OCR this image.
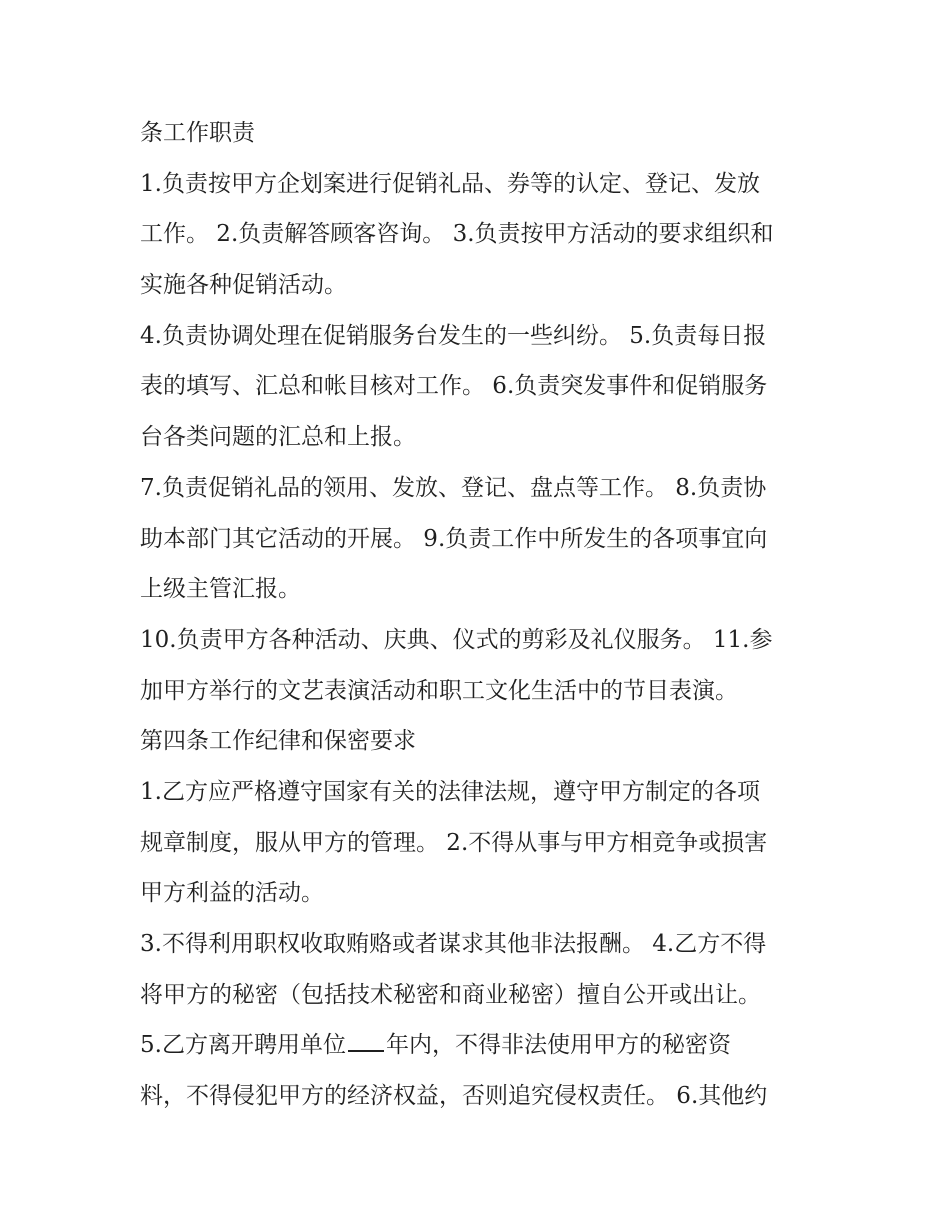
条工作职责
1.负责按甲方企划案进行促销礼品、券等的认定、登记、发放
工作。 2.负责解答顾客咨询。 3.负责按甲方活动的要求组织和
实施各种促销活动。
4.负责协调处理在促销服务台发生的一些纠纷。 5.负责每日报
表的填写、汇总和帐目核对工作。 6.负责突发事件和促销服务
台各类问题的汇总和上报。
7.负责促销礼品的领用、发放、登记、盘点等工作。 8.负责协
助本部门其它活动的开展。 9.负责工作中所发生的各项事宜向
上级主管汇报。
10.负责甲方各种活动、庆典、仪式的剪彩及礼仪服务。 11.参
加甲方举行的文艺表演活动和职工文化生活中的节目表演。
第四条工作纪律和保密要求
1.乙方应严格遵守国家有关的法律法规，遵守甲方制定的各项
规章制度，服从甲方的管理。 2.不得从事与甲方相竞争或损害
甲方利益的活动。
3.不得利用职权收取贿赂或者谋求其他非法报酬。 4.乙方不得
将甲方的秘密（包括技术秘密和商业秘密）擅自公开或出让。
5.乙方离开聘用单位 年内，不得非法使用甲方的秘密资
料，不得侵犯甲方的经济权益，否则追究侵权责任。 6.其他约
